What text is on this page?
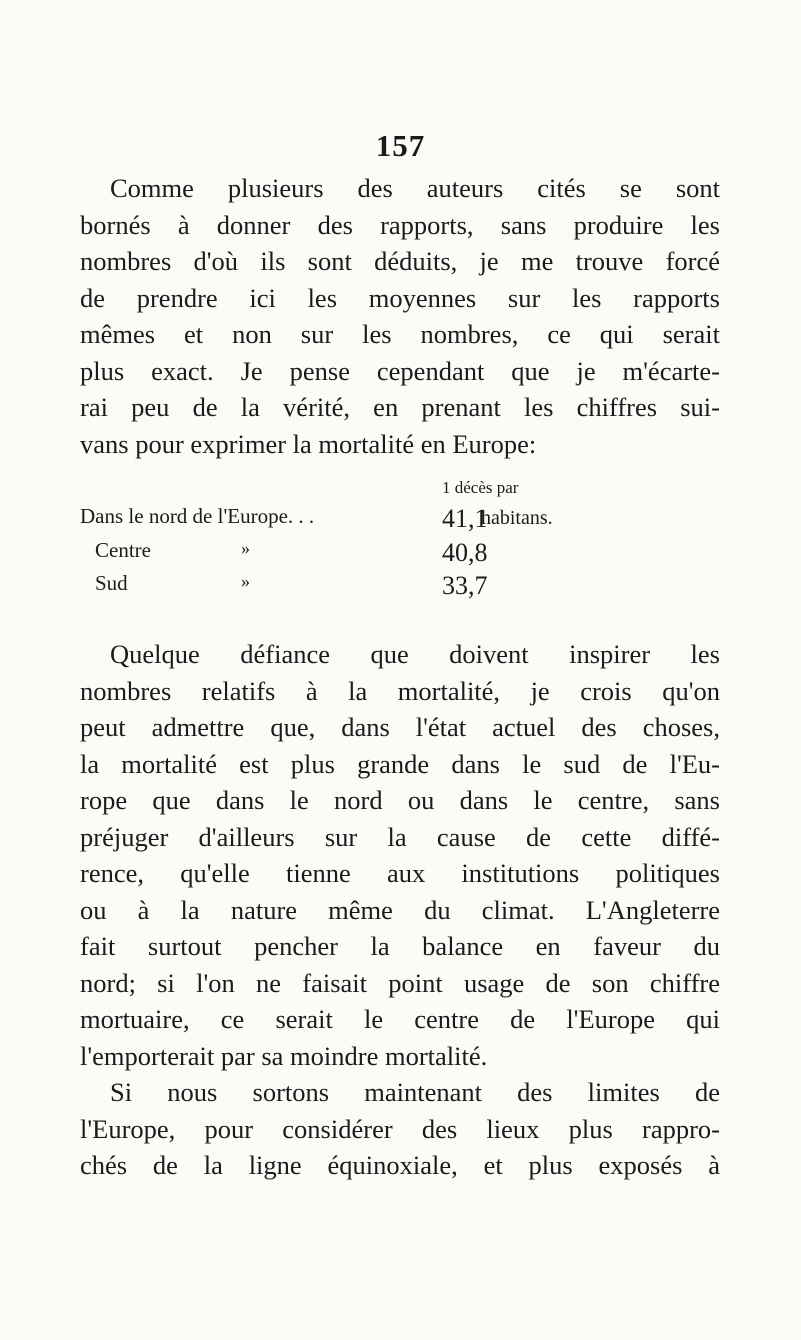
157
Comme plusieurs des auteurs cités se sont
bornés à donner des rapports, sans produire les
nombres d'où ils sont déduits, je me trouve forcé
de prendre ici les moyennes sur les rapports
mêmes et non sur les nombres, ce qui serait
plus exact. Je pense cependant que je m'écarte-
rai peu de la vérité, en prenant les chiffres sui-
vans pour exprimer la mortalité en Europe:
1 décès par
Dans le nord de l'Europe. . .	41,1
habitans.
Centre	»	40,8
Sud	»	33,7
Quelque défiance que doivent inspirer les
nombres relatifs à la mortalité, je crois qu'on
peut admettre que, dans l'état actuel des choses,
la mortalité est plus grande dans le sud de l'Eu-
rope que dans le nord ou dans le centre, sans
préjuger d'ailleurs sur la cause de cette diffé-
rence, qu'elle tienne aux institutions politiques
ou à la nature même du climat. L'Angleterre
fait surtout pencher la balance en faveur du
nord; si l'on ne faisait point usage de son chiffre
mortuaire, ce serait le centre de l'Europe qui
l'emporterait par sa moindre mortalité.
Si nous sortons maintenant des limites de
l'Europe, pour considérer des lieux plus rappro-
chés de la ligne équinoxiale, et plus exposés à
